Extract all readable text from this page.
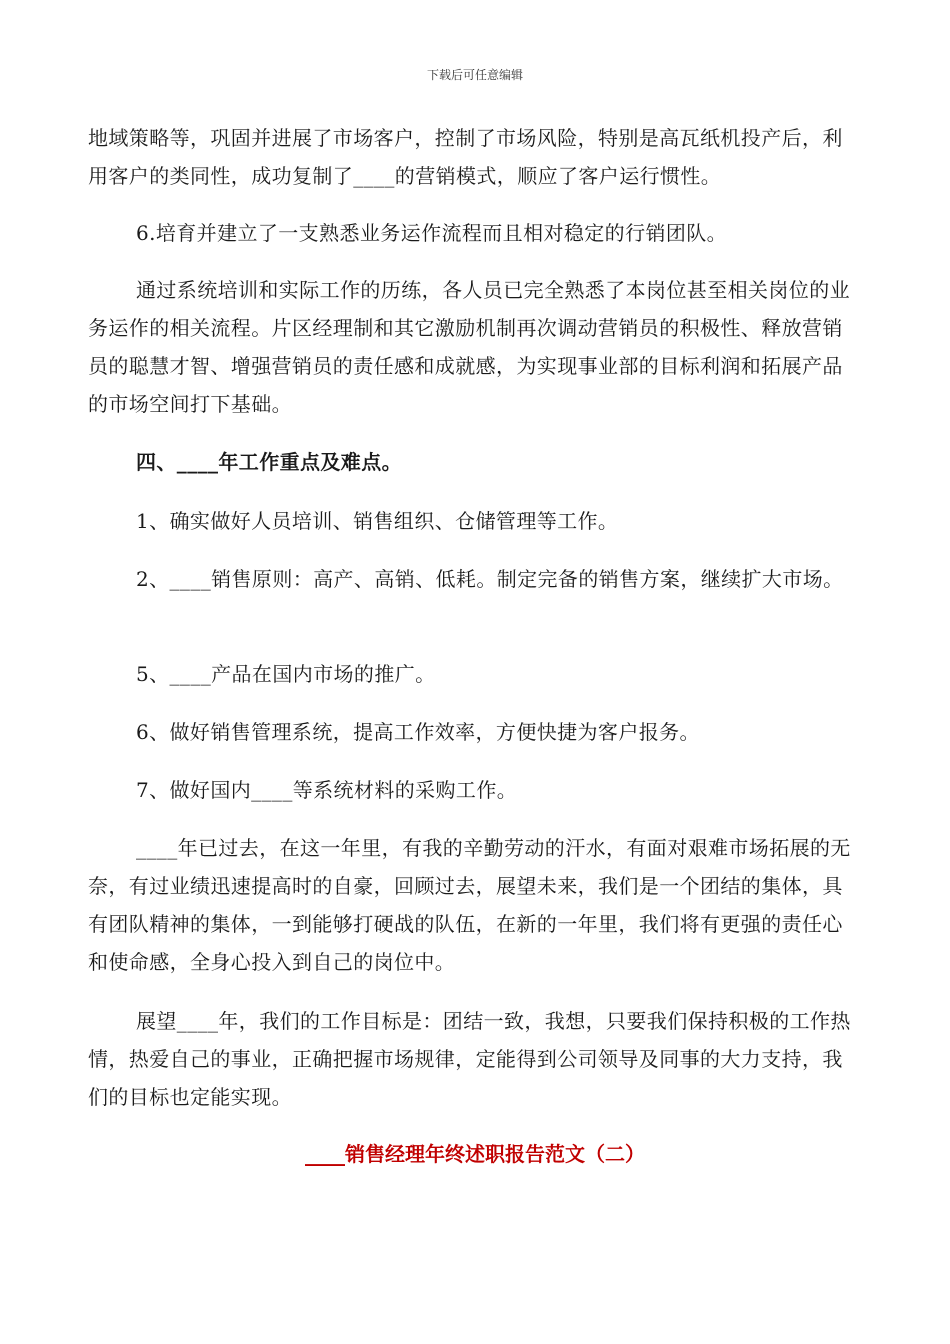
下载后可任意编辑

地域策略等，巩固并进展了市场客户，控制了市场风险，特别是高瓦纸机投产后，利用客户的类同性，成功复制了____的营销模式，顺应了客户运行惯性。

6.培育并建立了一支熟悉业务运作流程而且相对稳定的行销团队。

通过系统培训和实际工作的历练，各人员已完全熟悉了本岗位甚至相关岗位的业务运作的相关流程。片区经理制和其它激励机制再次调动营销员的积极性、释放营销员的聪慧才智、增强营销员的责任感和成就感，为实现事业部的目标利润和拓展产品的市场空间打下基础。

四、____年工作重点及难点。

1、确实做好人员培训、销售组织、仓储管理等工作。

2、____销售原则：高产、高销、低耗。制定完备的销售方案，继续扩大市场。

5、____产品在国内市场的推广。

6、做好销售管理系统，提高工作效率，方便快捷为客户报务。

7、做好国内____等系统材料的采购工作。

____年已过去，在这一年里，有我的辛勤劳动的汗水，有面对艰难市场拓展的无奈，有过业绩迅速提高时的自豪，回顾过去，展望未来，我们是一个团结的集体，具有团队精神的集体，一到能够打硬战的队伍，在新的一年里，我们将有更强的责任心和使命感，全身心投入到自己的岗位中。

展望____年，我们的工作目标是：团结一致，我想，只要我们保持积极的工作热情，热爱自己的事业，正确把握市场规律，定能得到公司领导及同事的大力支持，我们的目标也定能实现。

____销售经理年终述职报告范文（二）
